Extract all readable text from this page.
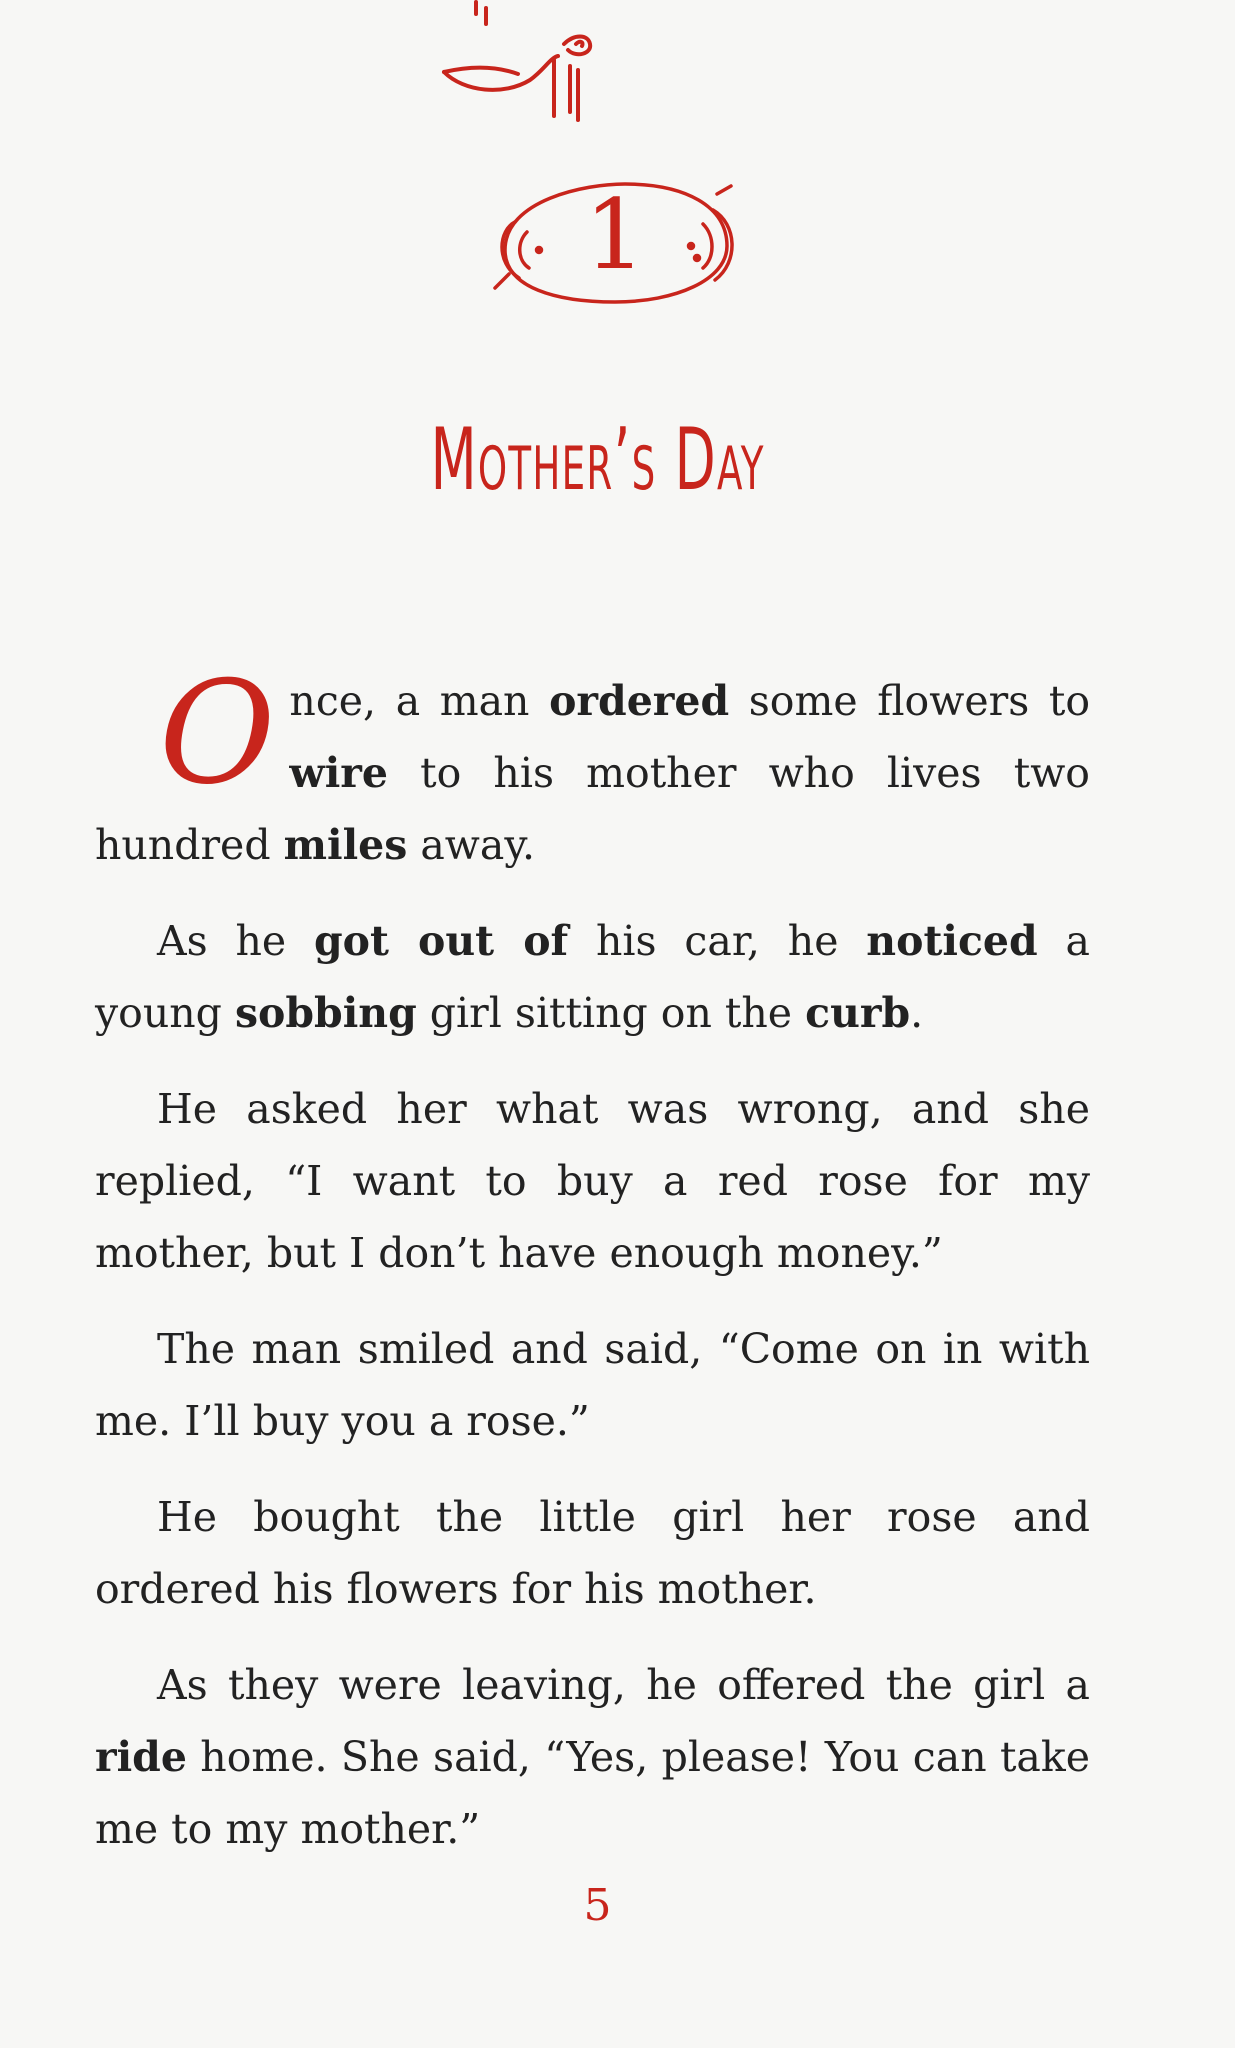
1
Mother’s Day

Once, a man ordered some flowers to wire to his mother who lives two hundred miles away.

As he got out of his car, he noticed a young sobbing girl sitting on the curb.

He asked her what was wrong, and she replied, “I want to buy a red rose for my mother, but I don’t have enough money.”

The man smiled and said, “Come on in with me. I’ll buy you a rose.”

He bought the little girl her rose and ordered his flowers for his mother.

As they were leaving, he offered the girl a ride home. She said, “Yes, please! You can take me to my mother.”

5
